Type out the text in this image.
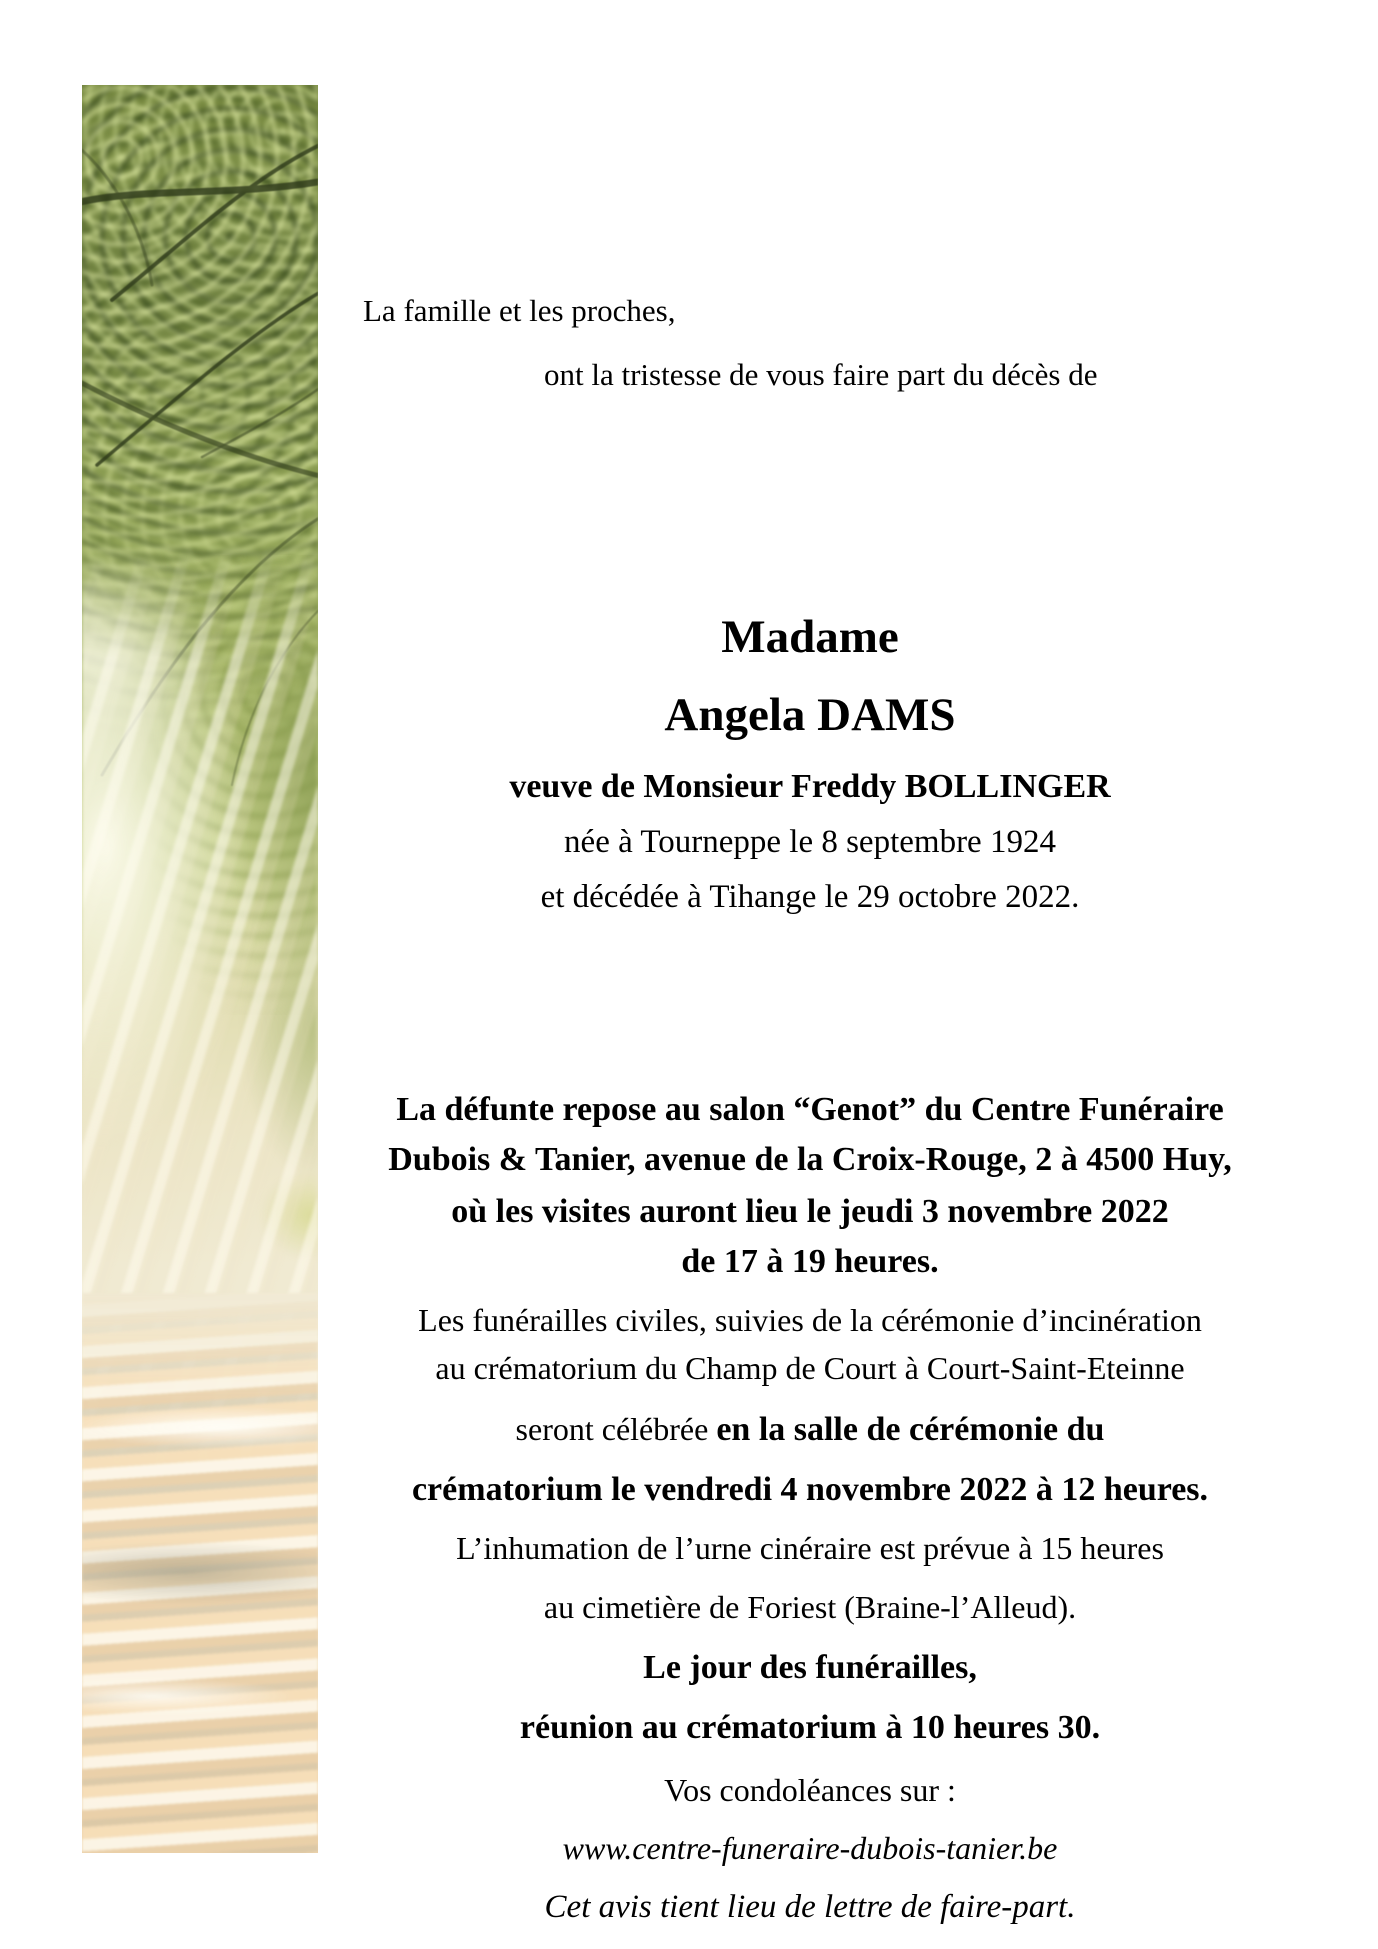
La famille et les proches,
ont la tristesse de vous faire part du décès de
Madame
Angela DAMS
veuve de Monsieur Freddy BOLLINGER
née à Tourneppe le 8 septembre 1924
et décédée à Tihange le 29 octobre 2022.
La défunte repose au salon “Genot” du Centre Funéraire
Dubois & Tanier, avenue de la Croix-Rouge, 2 à 4500 Huy,
où les visites auront lieu le jeudi 3 novembre 2022
de 17 à 19 heures.
Les funérailles civiles, suivies de la cérémonie d’incinération
au crématorium du Champ de Court à Court-Saint-Eteinne
seront célébrée en la salle de cérémonie du
crématorium le vendredi 4 novembre 2022 à 12 heures.
L’inhumation de l’urne cinéraire est prévue à 15 heures
au cimetière de Foriest (Braine-l’Alleud).
Le jour des funérailles,
réunion au crématorium à 10 heures 30.
Vos condoléances sur :
www.centre-funeraire-dubois-tanier.be
Cet avis tient lieu de lettre de faire-part.
